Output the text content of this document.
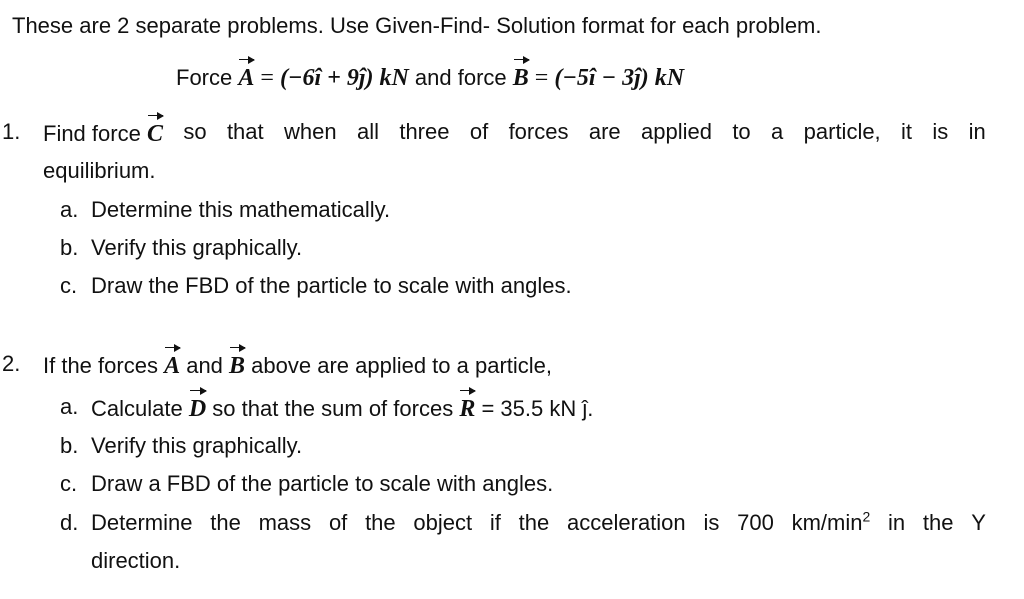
These are 2 separate problems. Use Given-Find- Solution format for each problem.
Force A = (−6î + 9ĵ) kN and force B = (−5î − 3ĵ) kN
1. Find force C so that when all three of forces are applied to a particle, it is in
equilibrium.
a. Determine this mathematically.
b. Verify this graphically.
c. Draw the FBD of the particle to scale with angles.
2. If the forces A and B above are applied to a particle,
a. Calculate D so that the sum of forces R = 35.5 kN ĵ.
b. Verify this graphically.
c. Draw a FBD of the particle to scale with angles.
d. Determine the mass of the object if the acceleration is 700 $km/\min^2$ in the Y
direction.
